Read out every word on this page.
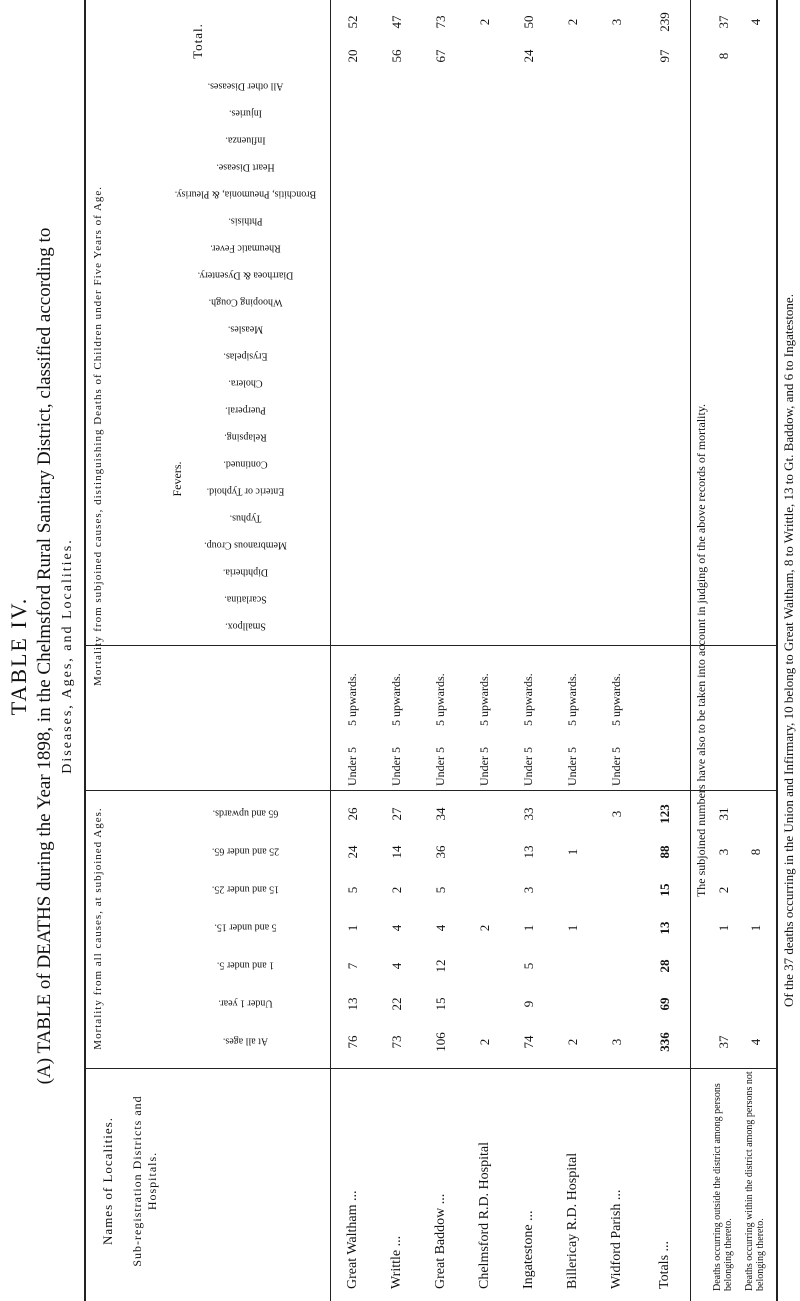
TABLE IV. (A) TABLE of DEATHS during the Year 1898, in the Chelmsford Rural Sanitary District, classified according to Diseases, Ages, and Localities.
Names of Localities. Sub-registration Districts and Hospitals.
Mortality from all causes, at subjoined Ages.
Mortality from subjoined causes, distinguishing Deaths of Children under Five Years of Age.
Total.
The subjoined numbers have also to be taken into account in judging of the above records of mortality.
Deaths occurring outside the district among persons belonging thereto. Deaths occurring within the district among persons not belonging thereto.
Of the 37 deaths occurring in the Union and Infirmary, 10 belong to Great Waltham, 8 to Writtle, 13 to Gt. Baddow, and 6 to Ingatestone.
At all ages.
Under 1 year.
1 and under 5.
5 and under 15.
15 and under 25.
25 and under 65.
65 and upwards.
Smallpox.
Scarlatina.
Diphtheria.
Membranous Croup.
Typhus.
Enteric or Typhoid.
Continued.
Relapsing.
Puerperal.
Cholera.
Erysipelas.
Measles.
Whooping Cough.
Diarrhoea & Dysentery.
Rheumatic Fever.
Phthisis.
Bronchitis, Pneumonia, & Pleurisy.
Heart Disease.
Influenza.
Injuries.
All other Diseases.
Fevers.
Great Waltham ...
76
13
7
1
5
24
26
Under 5
5 upwards.
20
52
Writtle ...
73
22
4
4
2
14
27
Under 5
5 upwards.
56
47
Great Baddow ...
106
15
12
4
5
36
34
Under 5
5 upwards.
67
73
Chelmsford R.D. Hospital
2
2
Under 5
5 upwards.
2
Ingatestone ...
74
9
5
1
3
13
33
Under 5
5 upwards.
24
50
Billericay R.D. Hospital
2
1
1
Under 5
5 upwards.
2
Widford Parish ...
3
3
Under 5
5 upwards.
3
Totals ...
336
69
28
13
15
88
123
97
239
37
1
2
3
31
8
37
4
1
8
4
